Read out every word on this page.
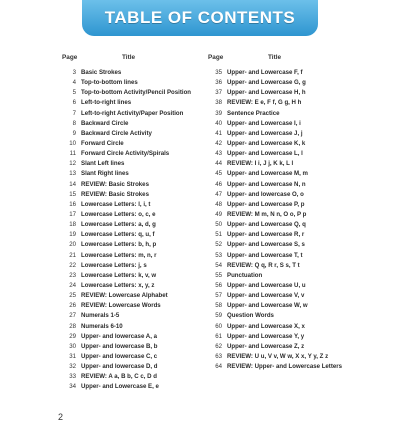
TABLE OF CONTENTS
Page	Title
3 Basic Strokes
4 Top-to-bottom lines
5 Top-to-bottom Activity/Pencil Position
6 Left-to-right lines
7 Left-to-right Activity/Paper Position
8 Backward Circle
9 Backward Circle Activity
10 Forward Circle
11 Forward Circle Activity/Spirals
12 Slant Left lines
13 Slant Right lines
14 REVIEW: Basic Strokes
15 REVIEW: Basic Strokes
16 Lowercase Letters: l, i, t
17 Lowercase Letters: o, c, e
18 Lowercase Letters: a, d, g
19 Lowercase Letters: q, u, f
20 Lowercase Letters: b, h, p
21 Lowercase Letters: m, n, r
22 Lowercase Letters: j, s
23 Lowercase Letters: k, v, w
24 Lowercase Letters: x, y, z
25 REVIEW: Lowercase Alphabet
26 REVIEW: Lowercase Words
27 Numerals 1-5
28 Numerals 6-10
29 Upper- and lowercase A, a
30 Upper- and lowercase B, b
31 Upper- and lowercase C, c
32 Upper- and lowercase D, d
33 REVIEW: A a, B b, C c, D d
34 Upper- and Lowercase E, e
Page	Title
35 Upper- and Lowercase F, f
36 Upper- and Lowercase G, g
37 Upper- and Lowercase H, h
38 REVIEW: E e, F f, G g, H h
39 Sentence Practice
40 Upper- and Lowercase I, i
41 Upper- and Lowercase J, j
42 Upper- and Lowercase K, k
43 Upper- and Lowercase L, l
44 REVIEW: I i, J j, K k, L l
45 Upper- and Lowercase M, m
46 Upper- and Lowercase N, n
47 Upper- and lowercase O, o
48 Upper- and Lowercase P, p
49 REVIEW: M m, N n, O o, P p
50 Upper- and Lowercase Q, q
51 Upper- and Lowercase R, r
52 Upper- and Lowercase S, s
53 Upper- and Lowercase T, t
54 REVIEW: Q q, R r, S s, T t
55 Punctuation
56 Upper- and Lowercase U, u
57 Upper- and Lowercase V, v
58 Upper- and Lowercase W, w
59 Question Words
60 Upper- and Lowercase X, x
61 Upper- and Lowercase Y, y
62 Upper- and Lowercase Z, z
63 REVIEW: U u, V v, W w, X x, Y y, Z z
64 REVIEW: Upper- and Lowercase Letters
2
